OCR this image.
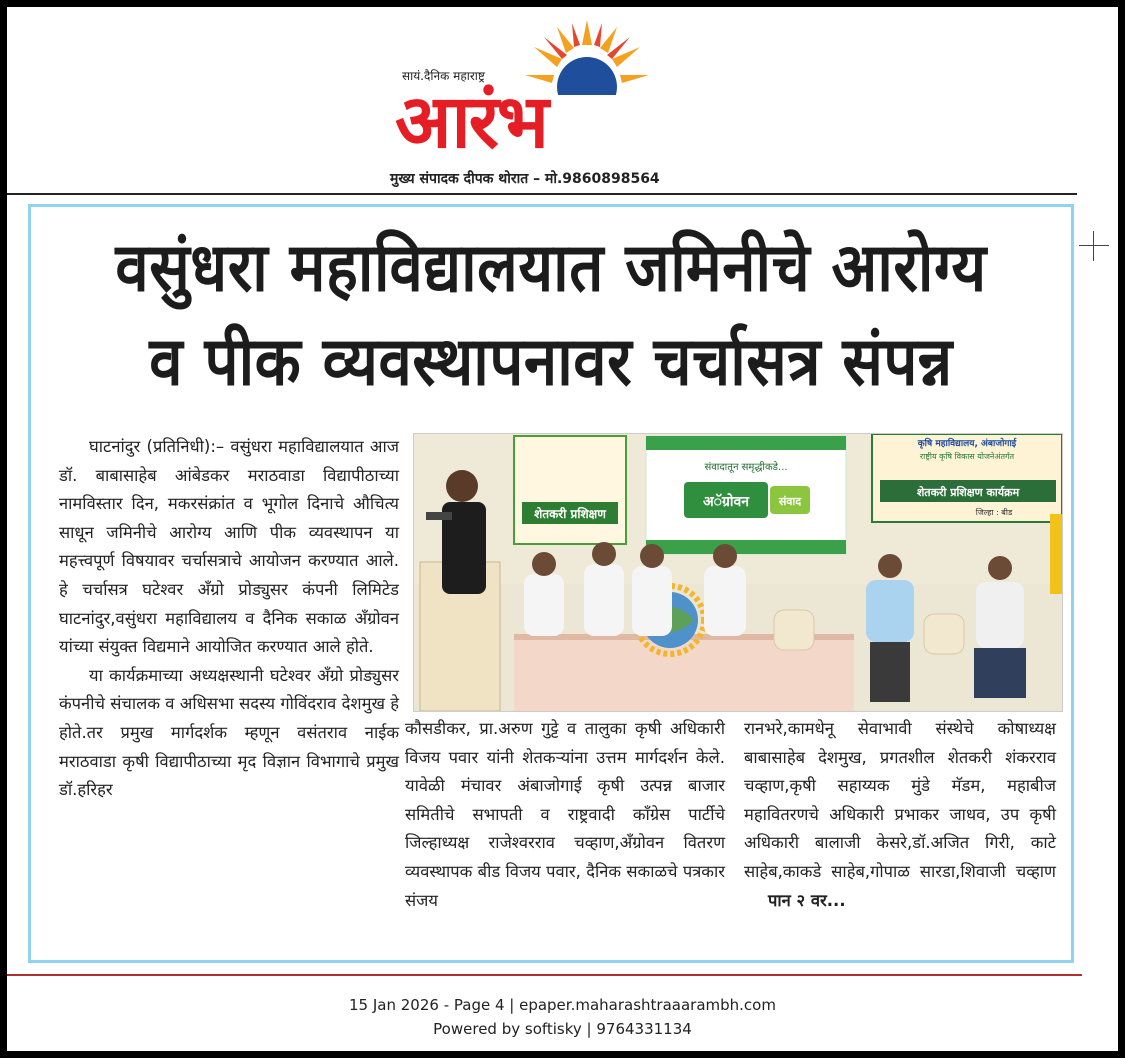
सायं.दैनिक महाराष्ट्र
आरंभ
मुख्य संपादक दीपक थोरात – मो.9860898564
वसुंधरा महाविद्यालयात जमिनीचे आरोग्य
व पीक व्यवस्थापनावर चर्चासत्र संपन्न

घाटनांदुर (प्रतिनिधी):– वसुंधरा महाविद्यालयात आज डॉ. बाबासाहेब आंबेडकर मराठवाडा विद्यापीठाच्या नामविस्तार दिन, मकरसंक्रांत व भूगोल दिनाचे औचित्य साधून जमिनीचे आरोग्य आणि पीक व्यवस्थापन या महत्त्वपूर्ण विषयावर चर्चासत्राचे आयोजन करण्यात आले. हे चर्चासत्र घटेश्वर अँग्रो प्रोड्युसर कंपनी लिमिटेड घाटनांदुर,वसुंधरा महाविद्यालय व दैनिक सकाळ अँग्रोवन यांच्या संयुक्त विद्यमाने आयोजित करण्यात आले होते.

या कार्यक्रमाच्या अध्यक्षस्थानी घटेश्वर अँग्रो प्रोड्युसर कंपनीचे संचालक व अधिसभा सदस्य गोविंदराव देशमुख हे होते.तर प्रमुख मार्गदर्शक म्हणून वसंतराव नाईक मराठवाडा कृषी विद्यापीठाच्या मृद विज्ञान विभागाचे प्रमुख डॉ.हरिहर

शेतकरी प्रशिक्षण
संवादातून समृद्धीकडे...
अॅग्रोवन	संवाद
कृषि महाविद्यालय, अंबाजोगाई
राष्ट्रीय कृषि विकास योजनेअंतर्गत
शेतकरी प्रशिक्षण कार्यक्रम
जिल्हा : बीड

कौसडीकर, प्रा.अरुण गुट्टे व तालुका कृषी अधिकारी विजय पवार यांनी शेतकऱ्यांना उत्तम मार्गदर्शन केले. यावेळी मंचावर अंबाजोगाई कृषी उत्पन्न बाजार समितीचे सभापती व राष्ट्रवादी काँग्रेस पार्टीचे जिल्हाध्यक्ष राजेश्वरराव चव्हाण,अँग्रोवन वितरण व्यवस्थापक बीड विजय पवार, दैनिक सकाळचे पत्रकार संजय

रानभरे,कामधेनू सेवाभावी संस्थेचे कोषाध्यक्ष बाबासाहेब देशमुख, प्रगतशील शेतकरी शंकरराव चव्हाण,कृषी सहाय्यक मुंडे मॅडम, महाबीज महावितरणचे अधिकारी प्रभाकर जाधव, उप कृषी अधिकारी बालाजी केसरे,डॉ.अजित गिरी, काटे साहेब,काकडे साहेब,गोपाळ सारडा,शिवाजी चव्हाण

पान २ वर...
15 Jan 2026 - Page 4 | epaper.maharashtraaarambh.com
Powered by softisky | 9764331134
